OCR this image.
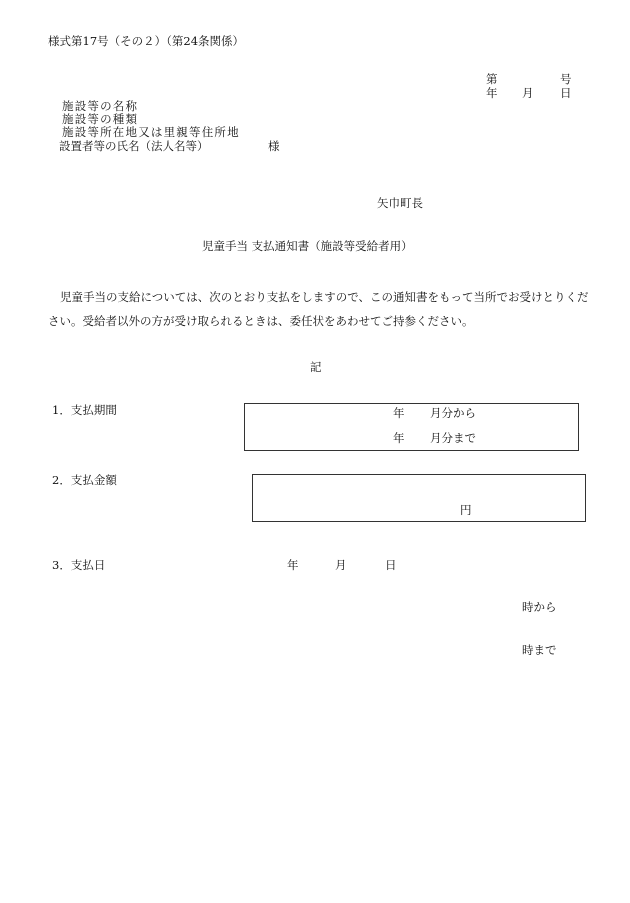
様式第17号（その２）（第24条関係）
第	号
年 月 日
施設等の名称
施設等の種類
施設等所在地又は里親等住所地
設置者等の氏名（法人名等）	様
矢巾町長
児童手当 支払通知書（施設等受給者用）
児童手当の支給については、次のとおり支払をしますので、この通知書をもって当所でお受けとりください。受給者以外の方が受け取られるときは、委任状をあわせてご持参ください。
記
1．支払期間	年 月分から
年 月分まで
2．支払金額
円
3．支払日	年	月	日
時から
時まで
